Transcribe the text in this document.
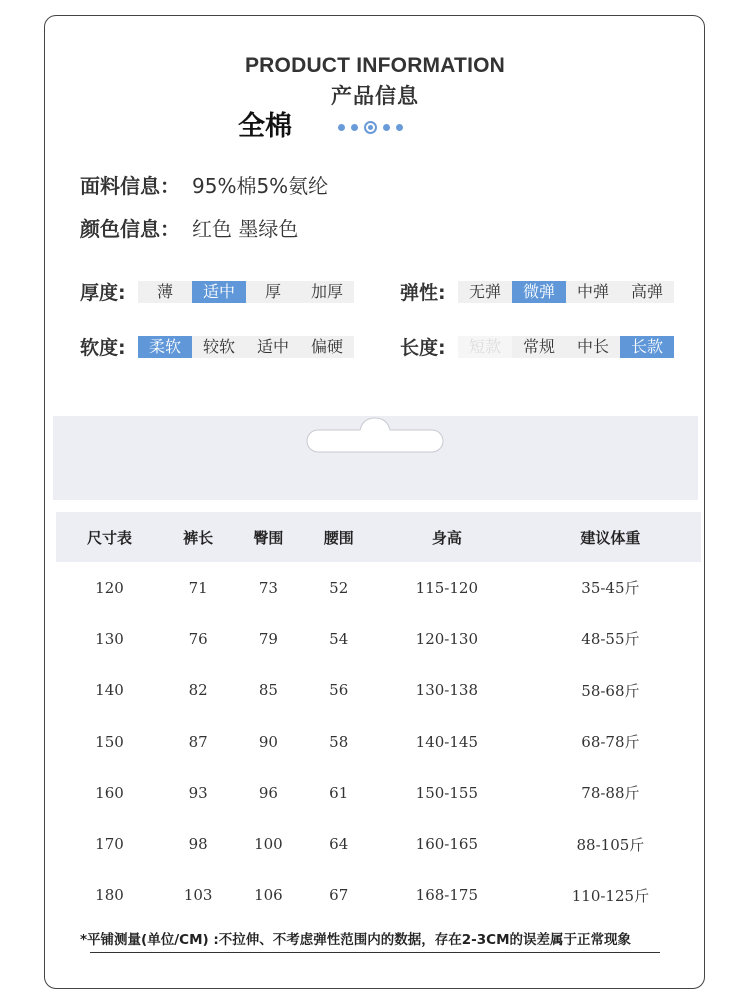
PRODUCT INFORMATION
产品信息
全棉
面料信息： 95%棉5%氨纶
颜色信息： 红色 墨绿色
厚度:	薄	适中	厚	加厚	弹性:	无弹	微弹	中弹	高弹
软度:	柔软	较软	适中	偏硬	长度:	短款	常规	中长	长款
尺寸表	裤长	臀围	腰围	身高	建议体重
120	71	73	52	115-120	35-45斤
130	76	79	54	120-130	48-55斤
140	82	85	56	130-138	58-68斤
150	87	90	58	140-145	68-78斤
160	93	96	61	150-155	78-88斤
170	98	100	64	160-165	88-105斤
180	103	106	67	168-175	110-125斤
*平铺测量(单位/CM) :不拉伸、不考虑弹性范围内的数据，存在2-3CM的误差属于正常现象
